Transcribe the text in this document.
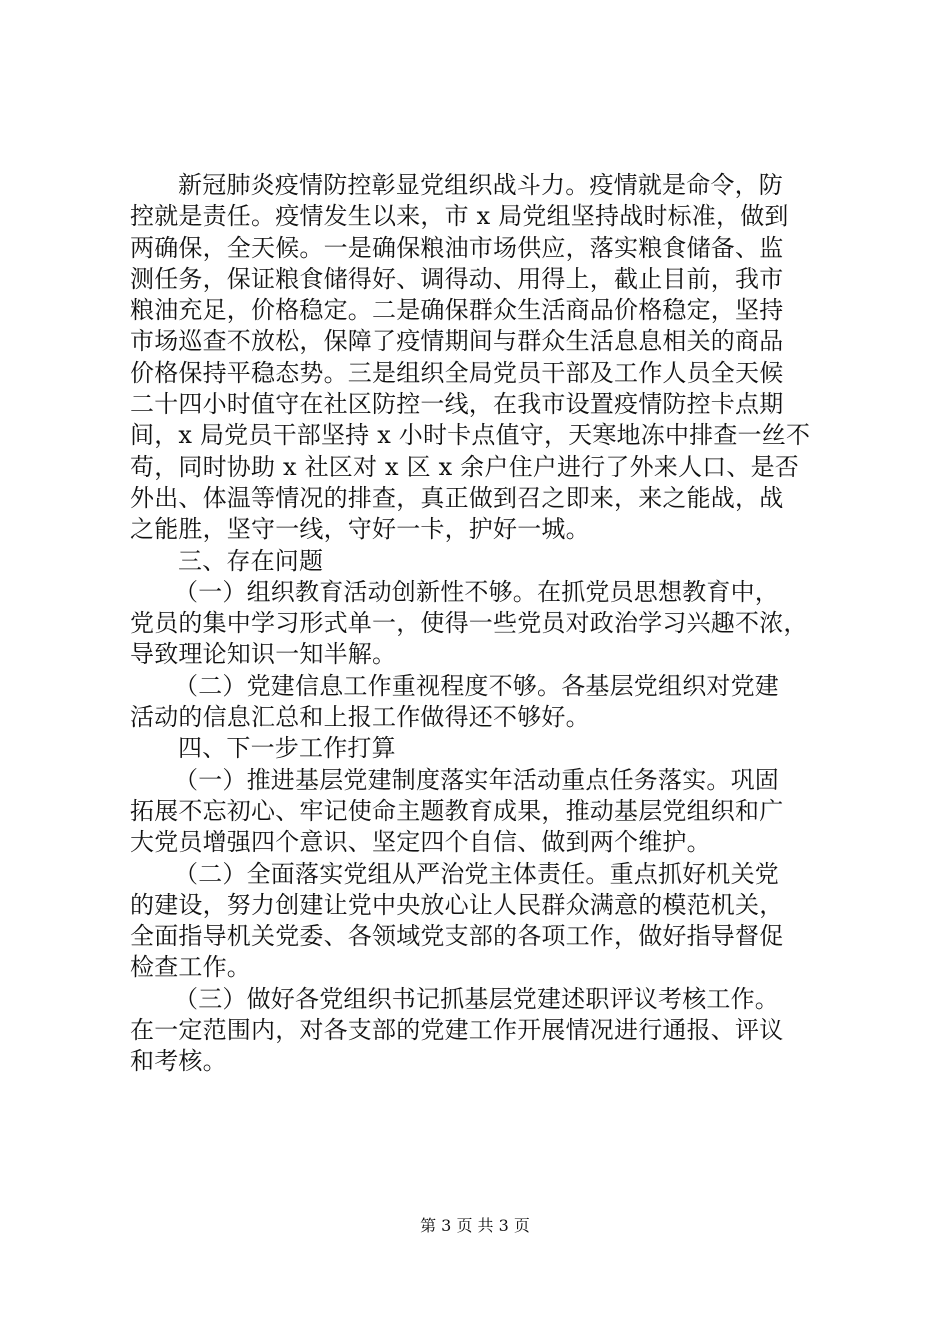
新冠肺炎疫情防控彰显党组织战斗力。疫情就是命令，防
控就是责任。疫情发生以来，市 x 局党组坚持战时标准，做到
两确保，全天候。一是确保粮油市场供应，落实粮食储备、监
测任务，保证粮食储得好、调得动、用得上，截止目前，我市
粮油充足，价格稳定。二是确保群众生活商品价格稳定，坚持
市场巡查不放松，保障了疫情期间与群众生活息息相关的商品
价格保持平稳态势。三是组织全局党员干部及工作人员全天候
二十四小时值守在社区防控一线，在我市设置疫情防控卡点期
间，x 局党员干部坚持 x 小时卡点值守，天寒地冻中排查一丝不
苟，同时协助 x 社区对 x 区 x 余户住户进行了外来人口、是否
外出、体温等情况的排查，真正做到召之即来，来之能战，战
之能胜，坚守一线，守好一卡，护好一城。
三、存在问题
（一）组织教育活动创新性不够。在抓党员思想教育中，
党员的集中学习形式单一，使得一些党员对政治学习兴趣不浓，
导致理论知识一知半解。
（二）党建信息工作重视程度不够。各基层党组织对党建
活动的信息汇总和上报工作做得还不够好。
四、下一步工作打算
（一）推进基层党建制度落实年活动重点任务落实。巩固
拓展不忘初心、牢记使命主题教育成果，推动基层党组织和广
大党员增强四个意识、坚定四个自信、做到两个维护。
（二）全面落实党组从严治党主体责任。重点抓好机关党
的建设，努力创建让党中央放心让人民群众满意的模范机关，
全面指导机关党委、各领域党支部的各项工作，做好指导督促
检查工作。
（三）做好各党组织书记抓基层党建述职评议考核工作。
在一定范围内，对各支部的党建工作开展情况进行通报、评议
和考核。
第 3 页 共 3 页
